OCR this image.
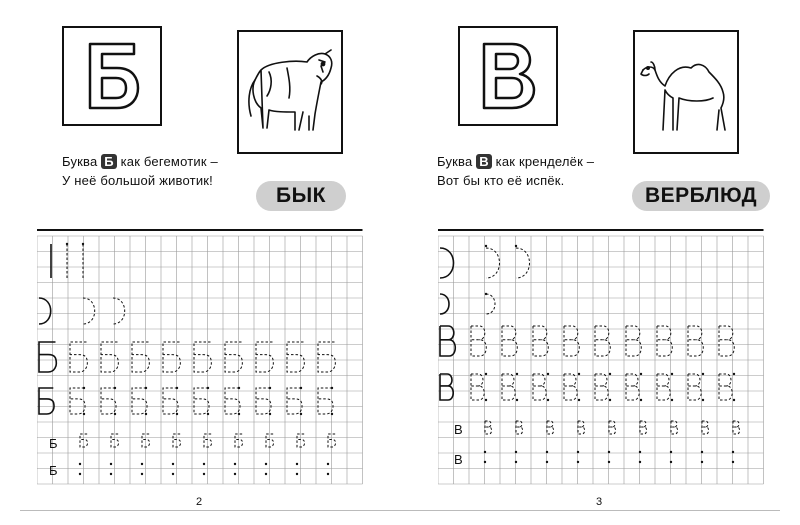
Буква Б как бегемотик –
У неё большой животик!
БЫК
Б
Б
2
Буква В как кренделёк –
Вот бы кто её испёк.
ВЕРБЛЮД
В
В
3
